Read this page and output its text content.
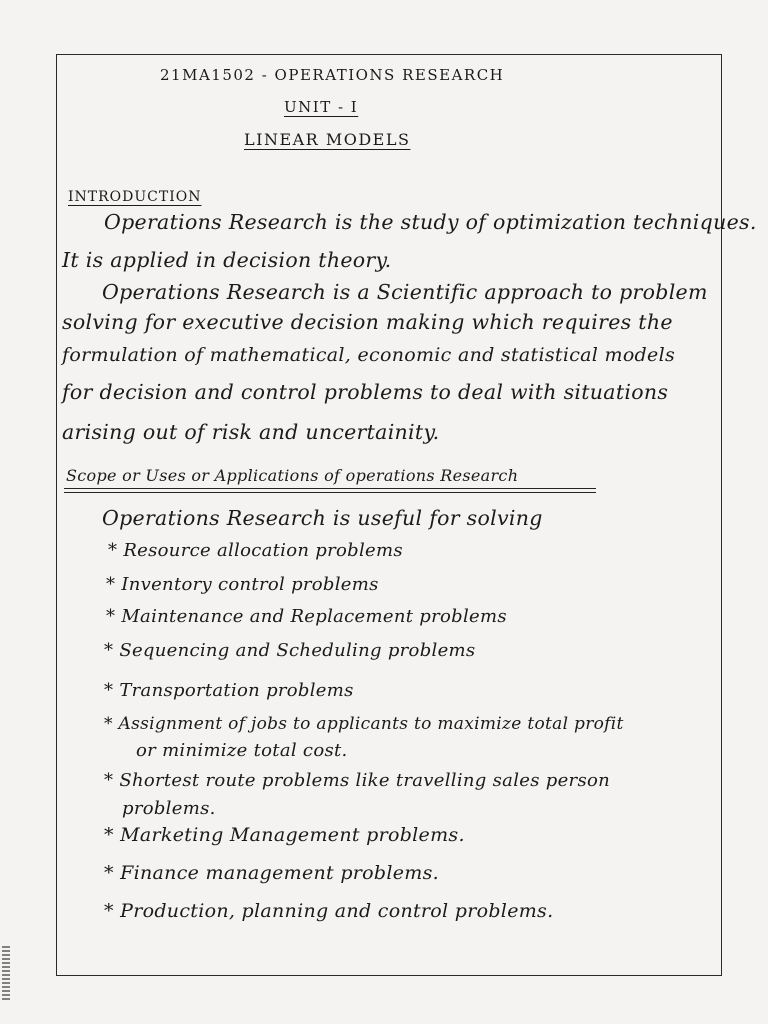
21MA1502 - OPERATIONS RESEARCH
UNIT - I
LINEAR MODELS
INTRODUCTION
Operations Research is the study of optimization techniques.
It is applied in decision theory.
Operations Research is a Scientific approach to problem
solving for executive decision making which requires the
formulation of mathematical, economic and statistical models
for decision and control problems to deal with situations
arising out of risk and uncertainity.
Scope or Uses or Applications of operations Research
Operations Research is useful for solving
* Resource allocation problems
* Inventory control problems
* Maintenance and Replacement problems
* Sequencing and Scheduling problems
* Transportation problems
* Assignment of jobs to applicants to maximize total profit
or minimize total cost.
* Shortest route problems like travelling sales person
problems.
* Marketing Management problems.
* Finance management problems.
* Production, planning and control problems.
